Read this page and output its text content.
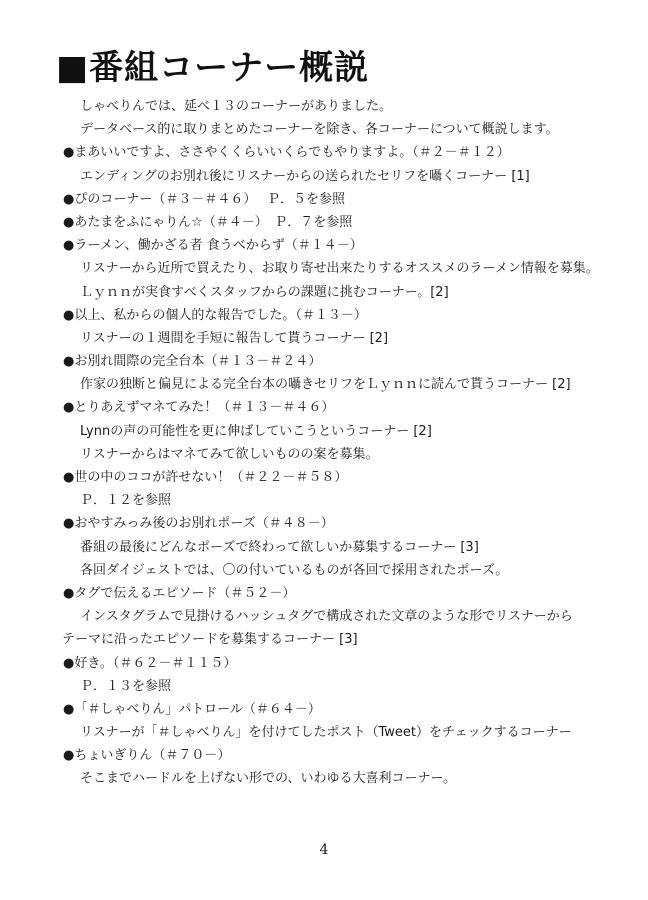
■番組コーナー概説
しゃべりんでは、延べ１３のコーナーがありました。
データベース的に取りまとめたコーナーを除き、各コーナーについて概説します。
●まあいいですよ、ささやくくらいいくらでもやりますよ。（＃２－＃１２）
エンディングのお別れ後にリスナーからの送られたセリフを囁くコーナー [1]
●ぴのコーナー（＃３－＃４６）　 Ｐ．５を参照
●あたまをふにゃりん☆（＃４－）　Ｐ．７を参照
●ラーメン、働かざる者 食うべからず（＃１４－）
リスナーから近所で買えたり、お取り寄せ出来たりするオススメのラーメン情報を募集。
Ｌｙｎｎが実食すべくスタッフからの課題に挑むコーナー。[2]
●以上、私からの個人的な報告でした。（＃１３－）
リスナーの１週間を手短に報告して貰うコーナー [2]
●お別れ間際の完全台本（＃１３－＃２４）
作家の独断と偏見による完全台本の囁きセリフをＬｙｎｎに読んで貰うコーナー [2]
●とりあえずマネてみた！（＃１３－＃４６）
Lynnの声の可能性を更に伸ばしていこうというコーナー [2]
リスナーからはマネてみて欲しいものの案を募集。
●世の中のココが許せない！（＃２２－＃５８）
Ｐ．１２を参照
●おやすみっみ後のお別れポーズ（＃４８－）
番組の最後にどんなポーズで終わって欲しいか募集するコーナー [3]
各回ダイジェストでは、〇の付いているものが各回で採用されたポーズ。
●タグで伝えるエピソード（＃５２－）
インスタグラムで見掛けるハッシュタグで構成された文章のような形でリスナーから
テーマに沿ったエピソードを募集するコーナー [3]
●好き。（＃６２－＃１１５）
Ｐ．１３を参照
●「＃しゃべりん」パトロール（＃６４－）
リスナーが「＃しゃべりん」を付けてしたポスト（Tweet）をチェックするコーナー
●ちょいぎりん（＃７０－）
そこまでハードルを上げない形での、いわゆる大喜利コーナー。
4
